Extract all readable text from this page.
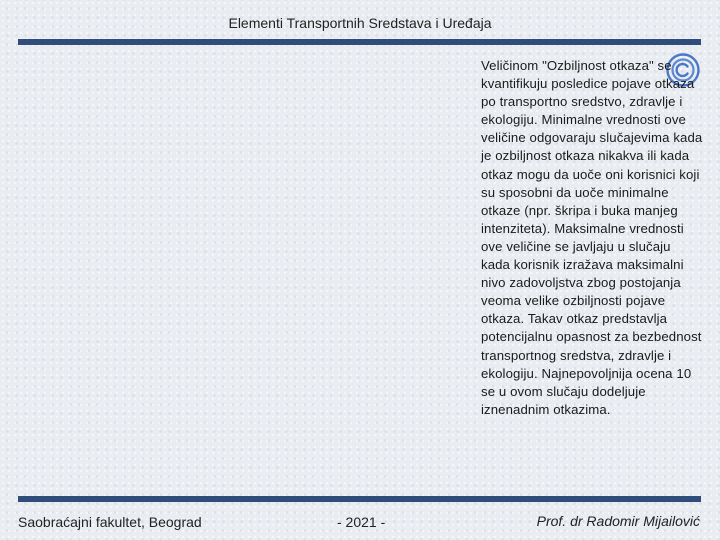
Elementi Transportnih Sredstava i Uređaja
Veličinom "Ozbiljnost otkaza" se kvantifikuju posledice pojave otkaza po transportno sredstvo, zdravlje i ekologiju. Minimalne vrednosti ove veličine odgovaraju slučajevima kada je ozbiljnost otkaza nikakva ili kada otkaz mogu da uoče oni korisnici koji su sposobni da uoče minimalne otkaze (npr. škripa i buka manjeg intenziteta). Maksimalne vrednosti ove veličine se javljaju u slučaju kada korisnik izražava maksimalni nivo zadovoljstva zbog postojanja veoma velike ozbiljnosti pojave otkaza. Takav otkaz predstavlja potencijalnu opasnost za bezbednost transportnog sredstva, zdravlje i ekologiju. Najnepovoljnija ocena 10 se u ovom slučaju dodeljuje iznenadnim otkazima.
Saobraćajni fakultet, Beograd	- 2021 -	Prof. dr Radomir Mijailović
